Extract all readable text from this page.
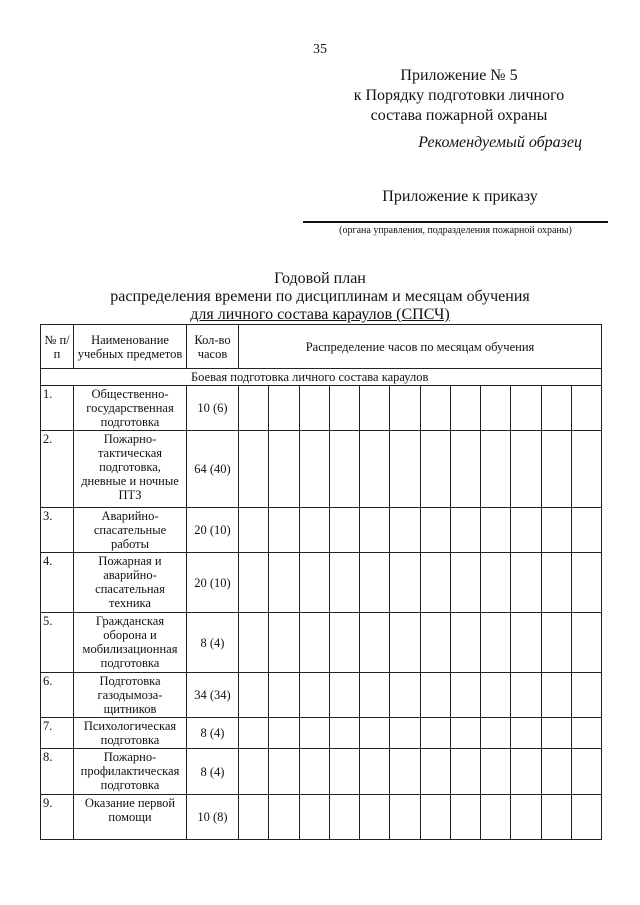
35
Приложение № 5
к Порядку подготовки личного
состава пожарной охраны
Рекомендуемый образец
Приложение к приказу
(органа управления, подразделения пожарной охраны)
Годовой план
распределения времени по дисциплинам и месяцам обучения
для личного состава караулов (СПСЧ)
№ п/п	Наименование учебных предметов	Кол-во часов	Распределение часов по месяцам обучения											
Боевая подготовка личного состава караулов														
1.	Общественно-государственная подготовка	10 (6)												
2.	Пожарно-тактическая подготовка, дневные и ночные ПТЗ	64 (40)												
3.	Аварийно-спасательные работы	20 (10)												
4.	Пожарная и аварийно-спасательная техника	20 (10)												
5.	Гражданская оборона и мобилизационная подготовка	8 (4)												
6.	Подготовка газодымоза-щитников	34 (34)												
7.	Психологическая подготовка	8 (4)												
8.	Пожарно-профилактическая подготовка	8 (4)												
9.	Оказание первой помощи	10 (8)												
